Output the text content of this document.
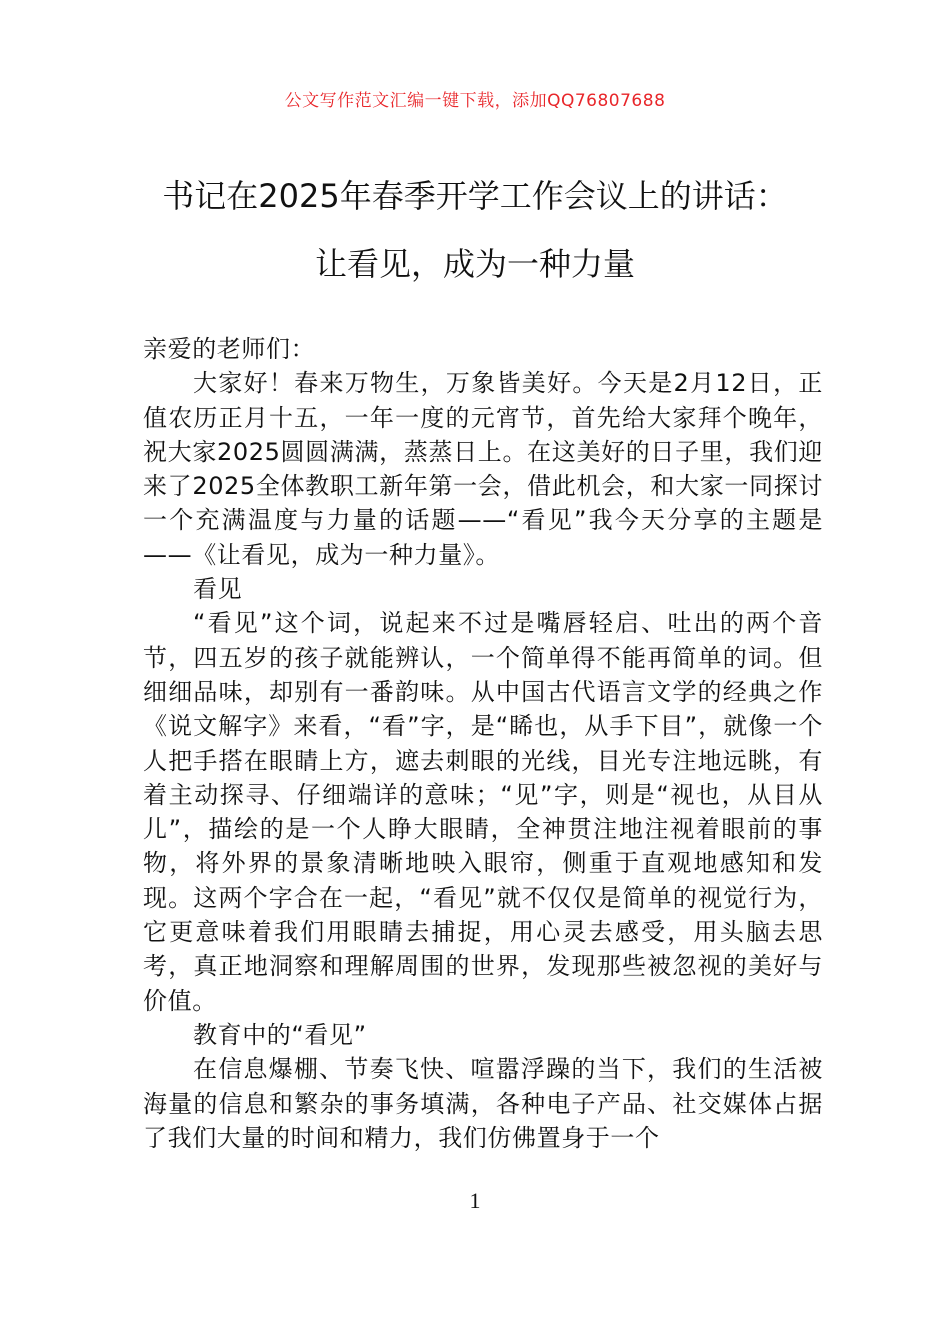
公文写作范文汇编一键下载，添加QQ76807688
书记在2025年春季开学工作会议上的讲话：
让看见，成为一种力量

亲爱的老师们：

大家好！春来万物生，万象皆美好。今天是2月12日，正值农历正月十五，一年一度的元宵节，首先给大家拜个晚年，祝大家2025圆圆满满，蒸蒸日上。在这美好的日子里，我们迎来了2025全体教职工新年第一会，借此机会，和大家一同探讨一个充满温度与力量的话题——“看见”我今天分享的主题是——《让看见，成为一种力量》。

看见

“看见”这个词，说起来不过是嘴唇轻启、吐出的两个音节，四五岁的孩子就能辨认，一个简单得不能再简单的词。但细细品味，却别有一番韵味。从中国古代语言文学的经典之作《说文解字》来看，“看”字，是“睎也，从手下目”，就像一个人把手搭在眼睛上方，遮去刺眼的光线，目光专注地远眺，有着主动探寻、仔细端详的意味；“见”字，则是“视也，从目从儿”，描绘的是一个人睁大眼睛，全神贯注地注视着眼前的事物，将外界的景象清晰地映入眼帘，侧重于直观地感知和发现。这两个字合在一起，“看见”就不仅仅是简单的视觉行为，它更意味着我们用眼睛去捕捉，用心灵去感受，用头脑去思考，真正地洞察和理解周围的世界，发现那些被忽视的美好与价值。

教育中的“看见”

在信息爆棚、节奏飞快、喧嚣浮躁的当下，我们的生活被海量的信息和繁杂的事务填满，各种电子产品、社交媒体占据了我们大量的时间和精力，我们仿佛置身于一个

1
